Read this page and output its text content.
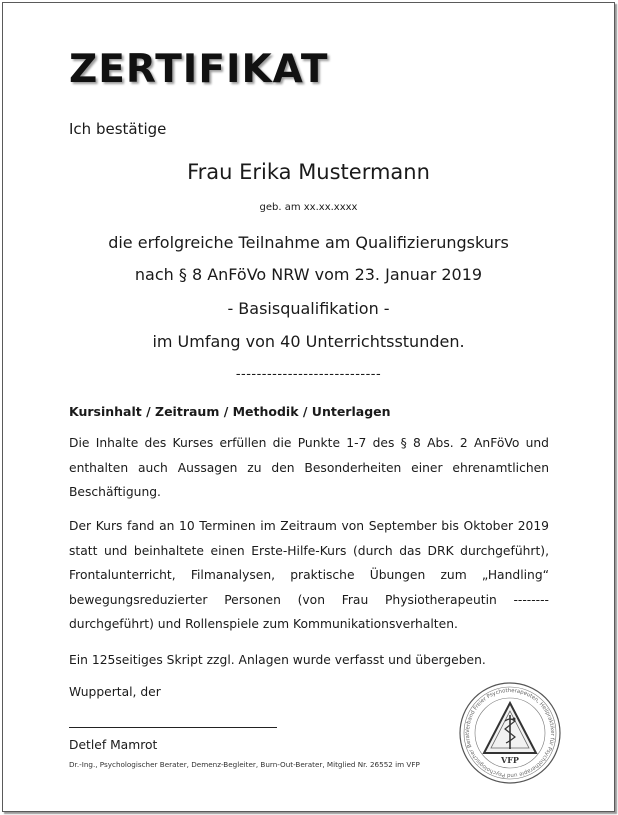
ZERTIFIKAT
Ich bestätige
Frau Erika Mustermann
geb. am xx.xx.xxxx
die erfolgreiche Teilnahme am Qualifizierungskurs
nach § 8 AnFöVo NRW vom 23. Januar 2019
- Basisqualifikation -
im Umfang von 40 Unterrichtsstunden.
----------------------------
Kursinhalt / Zeitraum / Methodik / Unterlagen

Die Inhalte des Kurses erfüllen die Punkte 1-7 des § 8 Abs. 2 AnFöVo und enthalten auch Aussagen zu den Besonderheiten einer ehrenamtlichen Beschäftigung.

Der Kurs fand an 10 Terminen im Zeitraum von September bis Oktober 2019 statt und beinhaltete einen Erste-Hilfe-Kurs (durch das DRK durchgeführt), Frontalunterricht, Filmanalysen, praktische Übungen zum „Handling“ bewegungsreduzierter Personen (von Frau Physiotherapeutin -------- durchgeführt) und Rollenspiele zum Kommunikationsverhalten.

Ein 125seitiges Skript zzgl. Anlagen wurde verfasst und übergeben.

Wuppertal, der
Detlef Mamrot
Dr.-Ing., Psychologischer Berater, Demenz-Begleiter, Burn-Out-Berater, Mitglied Nr. 26552 im VFP
Verband Freier Psychotherapeuten, Heilpraktiker für Psychotherapie und Psychologischer Berat
VFP
